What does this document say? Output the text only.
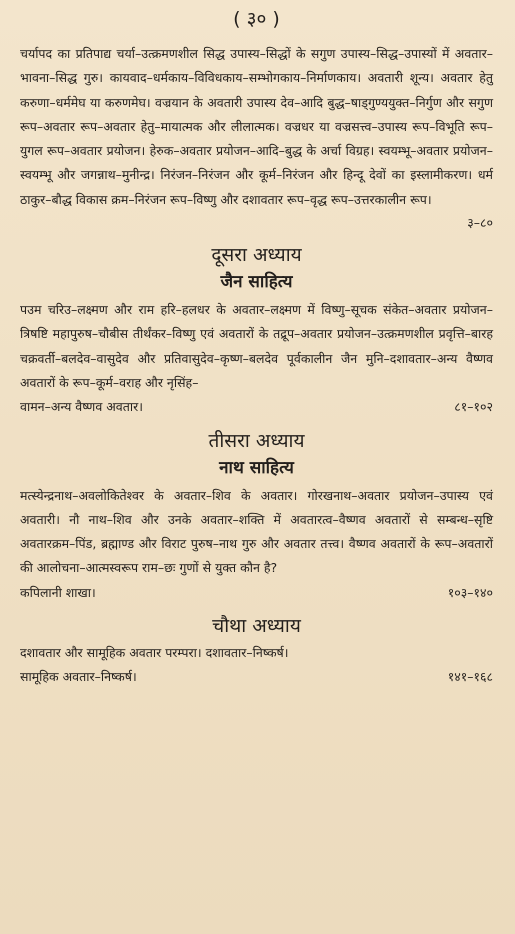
( ३० )

चर्यापद का प्रतिपाद्य चर्या–उत्क्रमणशील सिद्ध उपास्य–सिद्धों के सगुण उपास्य–सिद्ध–उपास्यों में अवतार–भावना–सिद्ध गुरु। कायवाद–धर्मकाय–विविधकाय–सम्भोगकाय–निर्माणकाय। अवतारी शून्य। अवतार हेतु करुणा–धर्ममेघ या करुणमेघ। वज्रयान के अवतारी उपास्य देव–आदि बुद्ध–षाड्गुण्ययुक्त–निर्गुण और सगुण रूप–अवतार रूप–अवतार हेतु–मायात्मक और लीलात्मक। वज्रधर या वज्रसत्त्व–उपास्य रूप–विभूति रूप–युगल रूप–अवतार प्रयोजन। हेरुक–अवतार प्रयोजन–आदि–बुद्ध के अर्चा विग्रह। स्वयम्भू–अवतार प्रयोजन–स्वयम्भू और जगन्नाथ–मुनीन्द्र। निरंजन–निरंजन और कूर्म–निरंजन और हिन्दू देवों का इस्लामीकरण। धर्म ठाकुर–बौद्ध विकास क्रम–निरंजन रूप–विष्णु और दशावतार रूप–वृद्ध रूप–उत्तरकालीन रूप।

३–८०

दूसरा अध्याय
जैन साहित्य

पउम चरिउ–लक्ष्मण और राम हरि–हलधर के अवतार–लक्ष्मण में विष्णु–सूचक संकेत–अवतार प्रयोजन–त्रिषष्टि महापुरुष–चौबीस तीर्थंकर–विष्णु एवं अवतारों के तद्रूप–अवतार प्रयोजन–उत्क्रमणशील प्रवृत्ति–बारह चक्रवर्ती–बलदेव–वासुदेव और प्रतिवासुदेव–कृष्ण–बलदेव पूर्वकालीन जैन मुनि–दशावतार–अन्य वैष्णव अवतारों के रूप–कूर्म–वराह और नृसिंह–

वामन–अन्य वैष्णव अवतार।	८१–१०२
तीसरा अध्याय
नाथ साहित्य

मत्स्येन्द्रनाथ–अवलोकितेश्वर के अवतार–शिव के अवतार। गोरखनाथ–अवतार प्रयोजन–उपास्य एवं अवतारी। नौ नाथ–शिव और उनके अवतार–शक्ति में अवतारत्व–वैष्णव अवतारों से सम्बन्ध–सृष्टि अवतारक्रम–पिंड, ब्रह्माण्ड और विराट पुरुष–नाथ गुरु और अवतार तत्त्व। वैष्णव अवतारों के रूप–अवतारों की आलोचना–आत्मस्वरूप राम–छः गुणों से युक्त कौन है?

कपिलानी शाखा।	१०३–१४०
चौथा अध्याय

दशावतार और सामूहिक अवतार परम्परा। दशावतार–निष्कर्ष।

सामूहिक अवतार–निष्कर्ष।	१४१–१६८
